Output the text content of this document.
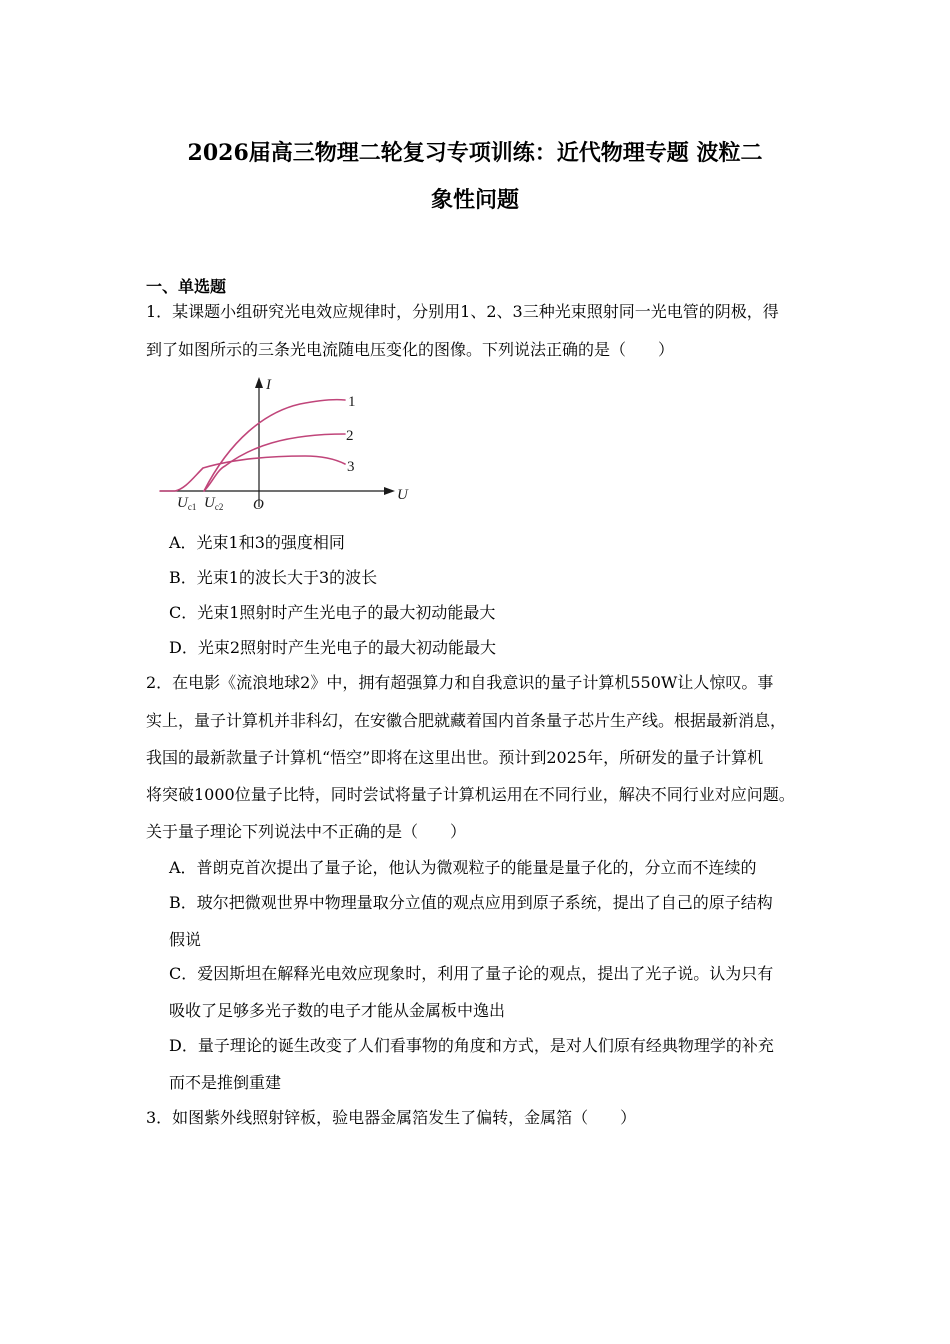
2026届高三物理二轮复习专项训练：近代物理专题 波粒二
象性问题
一、单选题
1．某课题小组研究光电效应规律时，分别用1、2、3三种光束照射同一光电管的阴极，得
到了如图所示的三条光电流随电压变化的图像。下列说法正确的是（　　）
I
U
O
$U_{c1}$ $U_{c2}$
1
2
3
A．光束1和3的强度相同
B．光束1的波长大于3的波长
C．光束1照射时产生光电子的最大初动能最大
D．光束2照射时产生光电子的最大初动能最大
2．在电影《流浪地球2》中，拥有超强算力和自我意识的量子计算机550W让人惊叹。事
实上，量子计算机并非科幻，在安徽合肥就藏着国内首条量子芯片生产线。根据最新消息，
我国的最新款量子计算机“悟空”即将在这里出世。预计到2025年，所研发的量子计算机
将突破1000位量子比特，同时尝试将量子计算机运用在不同行业，解决不同行业对应问题。
关于量子理论下列说法中不正确的是（　　）
A．普朗克首次提出了量子论，他认为微观粒子的能量是量子化的，分立而不连续的
B．玻尔把微观世界中物理量取分立值的观点应用到原子系统，提出了自己的原子结构
假说
C．爱因斯坦在解释光电效应现象时，利用了量子论的观点，提出了光子说。认为只有
吸收了足够多光子数的电子才能从金属板中逸出
D．量子理论的诞生改变了人们看事物的角度和方式，是对人们原有经典物理学的补充
而不是推倒重建
3．如图紫外线照射锌板，验电器金属箔发生了偏转，金属箔（　　）
